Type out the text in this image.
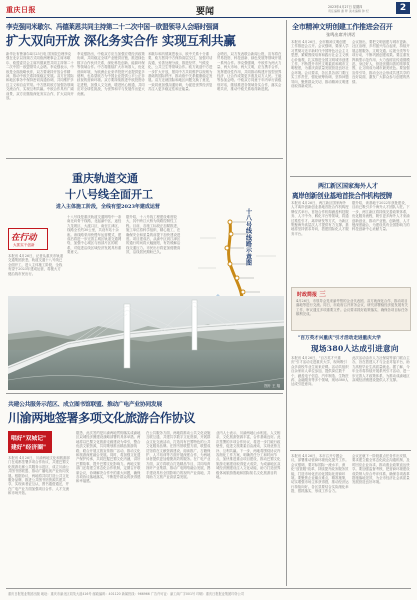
重庆日报	要闻	2023年4月27日 星期四
责任编辑 谢 梦 美术编辑 钟 纪	2
李克强同米歇尔、冯德莱恩共同主持第二十二次中国－欧盟领导人会晤时强调
扩大双向开放 深化务实合作 实现互利共赢
新华社布鲁塞尔4月25日电 国务院总理李克强在北京以视频方式同欧洲理事会主席米歇尔、欧盟委员会主席冯德莱恩共同主持第二十二次中国－欧盟领导人会晤。李克强表示，中欧是全面战略伙伴，双方要秉持开放合作精神，推动中欧关系持续稳定发展。双方在国际和地区事务中保持密切沟通协调，共同维护多边主义和自由贸易。中方愿同欧方加强各领域交流合作，实现互利共赢。中欧合作具有广阔前景，双方应继续深化务实合作，扩大双向开放。
李克强指出，中欧双方应当加强宏观经济政策协调，共同稳定全球产业链供应链，推进绿色数字合作伙伴关系，深化科技创新、能源环保等领域合作。中方将继续扩大市场准入，优化营商环境，为欧洲企业来华投资兴业提供更多便利，也希望欧方为中国企业提供公平公正非歧视的营商环境。双方要持续推进中欧投资协定进程，加强人文交流，增进民心相通，共同应对全球性挑战，为世界和平与发展作出更大贡献。
米歇尔和冯德莱恩表示，欧中关系十分重要，欧方愿同中方保持高层交往，加强对话沟通，妥善处理分歧，推进经贸、气候变化、公共卫生等领域合作。欧方欢迎中方进一步扩大开放，愿同中方共同维护以规则为基础的国际秩序，推动欧中关系健康稳定发展。双方还就国际和地区问题交换了意见，一致同意加强沟通协调，为促进世界经济复苏注入更多稳定性和正能量。
会晤后，双方发表联合新闻公报，宣布将在贸易投资、科技创新、绿色发展等领域开展一系列合作。李克强强调，中欧作为两大力量、两大市场、两大文明，应当携手合作，发挥建设性作用，共同推动构建开放型世界经济，让合作成果更多惠及双方人民。王毅等参加会晤。中欧双方同意于年内举行高级别对话，继续推进各领域务实合作，落实会晤共识，推动中欧关系取得新进展。
全市精神文明创建工作推进会召开
张鸣出席并讲话
本报讯 4月26日，全市精神文明创建工作推进会召开。会议强调，要深入学习贯彻习近平新时代中国特色社会主义思想，紧紧围绕培育和践行社会主义核心价值观，扎实推进全国文明城市创建工作，不断提升市民文明素质和城市文明程度，为重庆高质量发展营造良好社会环境。会议要求，各区县各部门要压实工作责任，强化统筹协调，坚持问题导向，聚焦群众关切，推动精神文明建设取得新成效。
会议指出，要把文明创建与城市更新、社区治理、乡村振兴结合起来，持续开展志愿服务、文明交通、垃圾分类等专项行动，不断巩固创建成果。要注重发挥典型示范作用，大力选树宣传道德模范、身边好人，营造崇德向善的浓厚氛围，让文明成为城市最美底色。要加强宣传引导，推动全社会形成共建共享的良好局面，激发广大群众参与创建的热情。
两江新区国家海外人才
离岸创新创业基地首批合作机构授牌
本报讯 4月26日，两江新区国家海外人才离岸创新创业基地首批合作机构授牌仪式举行。首批合作机构涵盖科技服务、人才中介、孵化平台等领域，将通过柔性引才、离岸研发等方式，为新区集聚海外高层次人才提供有力支撑。基地将坚持需求导向，搭建国际化人才服务平台。
据介绍，该基地于2022年获批建设，目前已吸引多个海外人才团队入驻。下一步，两江新区将持续完善政策体系，优化服务流程，吸引更多海外人才来渝创新创业，推动产业链、创新链、人才链深度融合，为建设具有全国影响力的科技创新中心贡献力量。
时政简报 三
4月26日，市领导会见来渝考察的企业代表团，双方就深化合作、推动项目落地等进行交流。同日，市政府召开常务会议，研究部署稳经济促发展有关工作，审议通过多项重要文件。会议要求抓好政策落实，确保各项目标任务顺利完成。
"百万英才兴重庆"引才活动走进重庆大学
现场380人达成引进意向
本报讯 4月26日，"百万英才兴重庆"引才活动走进重庆大学，现场吸引众多高校毕业生前来应聘。活动共组织百余家用人单位参加，提供岗位数千个，涵盖电子信息、汽车制造、生物医药、金融服务等多个领域，现场380人达成引进意向。
此次活动由市人力社保局等部门联合主办，旨在搭建人才与企业对接平台，助力高校毕业生高质量就业。据了解，今年全市将持续开展系列引才活动，进一步完善人才政策体系，为推动成渝地区双城经济圈建设提供人才支撑。
本报讯 4月26日，本市召开专题会议，部署推动营商环境优化提升工作。会议强调，要对标国际一流水平，深化"放管服"改革，持续提升政务服务效能，打造市场化法治化国际化营商环境。要聚焦企业痛点难点，精准施策，切实增强市场主体获得感，推动经济运行持续向好。各区县要结合实际细化举措，狠抓落实，形成工作合力。
会议还就下一阶段重点任务作出安排，要求建立健全常态化政企沟通机制，及时回应企业诉求，推动惠企政策直达快享。要加强监督考核，把营商环境建设成效纳入综合考评体系，确保各项改革措施落地见效，为全市经济社会高质量发展营造良好环境。
重庆轨道交通
十八号线全面开工
进入主体施工阶段，全线有望2023年建成运营
在行动
大抓实干创新
本报讯 4月26日，记者从重庆市轨道交通集团获悉，轨道交通十八号线已全面开工，进入主体施工阶段，全线有望于2023年建成运营，将极大方便沿线市民出行。
十八号线是重庆轨道交通网络中一条南北向骨干线路，北起渝中区，途经九龙坡区、大渡口区，南至江津区，线路全长约30公里，共设车站十余座。该线路采用快慢车运营模式，建成后将进一步完善主城区轨道交通网络，加强中心城区与西部片区的联系，对促进沿线区域经济发展具有重要意义。
据介绍，十八号线工程建设难度较大，其中跨江大桥为线路控制性工程。目前，各施工标段正加紧推进，施工单位将科学组织、精心施工，在确保安全和质量的前提下加快建设进度。项目建成后，从渝中区到江津区的通行时间将大幅缩短，有效缓解沿线交通压力。市民出行将更加便捷高效，沿线居民期盼已久。
十八号线线路示意图
图片 王 翔
共建公共服务示范区、成立图书馆联盟、推动广电产业协同发展
川渝两地签署多项文化旅游合作协议
唱好"双城记"
建好"经济圈"
本报讯 4月26日，川渝两地文化和旅游部门在成都签署多项合作协议，共建巴蜀文化旅游走廊公共服务示范区、成立川渝公共图书馆联盟、推动广播电视产业协同发展。根据协议，两地将共同打造公共文化服务品牌，推进公共图书馆资源共建共享，实现读者证互认、图书通借通还，并在广电产业方面加强项目合作、人才交流和市场开拓。
据悉，此次签约是川渝两地贯彻落实成渝地区双城经济圈建设战略部署的具体举措。两地将以巴蜀文化旅游走廊建设为牵引，整合优质文旅资源，共同策划推出精品旅游线路，联合开展文旅宣传推广活动，推动文化和旅游深度融合发展。同时，将加强文化遗产保护传承，共同挖掘巴蜀文化内涵，讲好巴蜀故事，提升巴蜀文化影响力。两地文旅部门还将建立常态化合作机制，定期召开联席会议，协调解决合作中的重大问题，确保各项协议落地落实，不断提升群众的获得感和幸福感。
在公共服务方面，两地将推动公共文化设施互联互通，共建共享数字文化资源，开展群众文化交流活动，打造具有巴蜀特色的公共文化服务品牌。在图书馆联盟方面，联盟成员馆将在文献资源建设、阅读推广、古籍保护、人才培训等方面开展深度合作，为两地读者提供更加便捷高效的服务。在广电产业方面，双方将联合打造精品节目，共同培育视听产业集群，推动广电网络融合发展，携手建设具有全国影响力的视听产业高地，共同助力文旅产业高质量发展。
业内人士表示，川渝两地山水相连、人文相亲，文化旅游资源丰富，合作基础良好。此次签署的多项合作协议，将进一步打破行政壁垒，促进文旅要素自由流动，实现优势互补、互利共赢。下一步，两地将围绕协议内容细化工作方案，明确责任分工和时间节点，加快推进重点项目建设，推动巴蜀文化旅游走廊建设取得更大成效，为成渝地区双城经济圈建设注入文化动能，助力打造世界级休闲旅游胜地和国际知名文化旅游目的地。
重庆日报报业集团出版 地址：重庆市渝北区同茂大道416号 邮政编码：401120 新闻热线：966966 广告许可证：渝工商广字001号 印刷：重庆日报报业集团印务公司
